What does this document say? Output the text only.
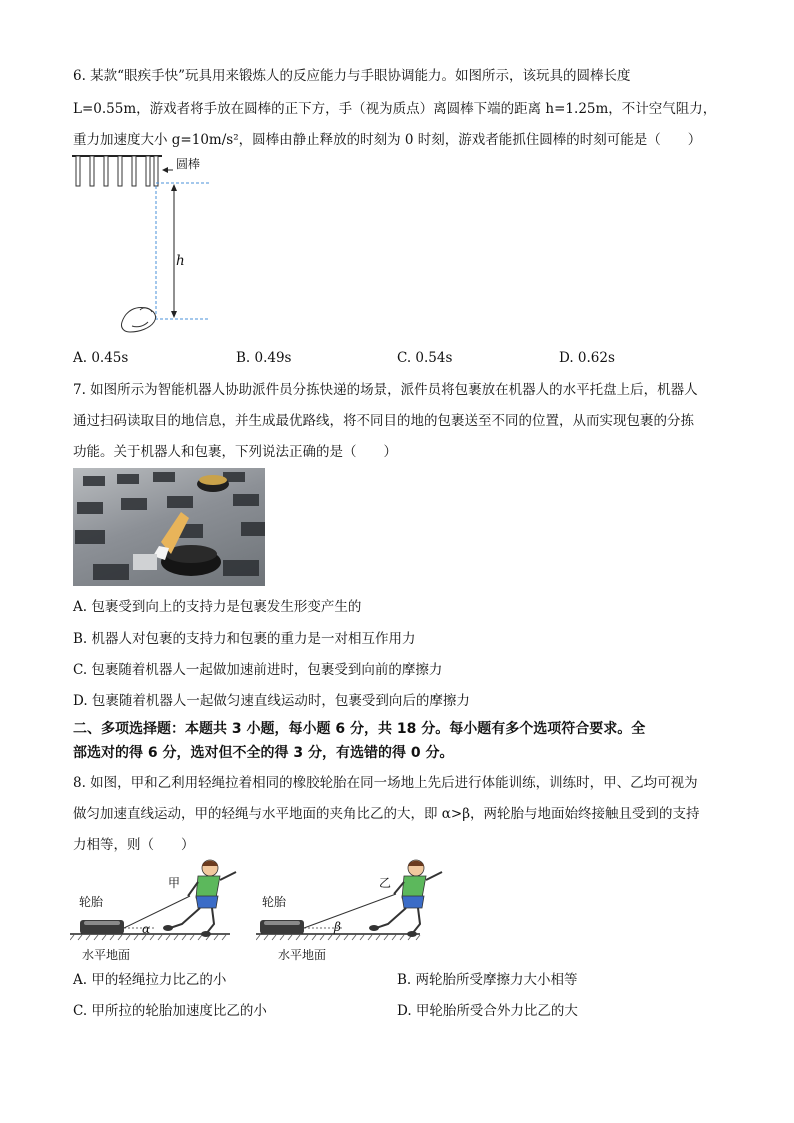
6. 某款“眼疾手快”玩具用来锻炼人的反应能力与手眼协调能力。如图所示，该玩具的圆棒长度
L=0.55m，游戏者将手放在圆棒的正下方，手（视为质点）离圆棒下端的距离 h=1.25m，不计空气阻力，
重力加速度大小 g=10m/s²，圆棒由静止释放的时刻为 0 时刻，游戏者能抓住圆棒的时刻可能是（　　）
圆棒
h
A. 0.45s	B. 0.49s	C. 0.54s	D. 0.62s
7. 如图所示为智能机器人协助派件员分拣快递的场景，派件员将包裹放在机器人的水平托盘上后，机器人
通过扫码读取目的地信息，并生成最优路线，将不同目的地的包裹送至不同的位置，从而实现包裹的分拣
功能。关于机器人和包裹，下列说法正确的是（　　）
A. 包裹受到向上的支持力是包裹发生形变产生的
B. 机器人对包裹的支持力和包裹的重力是一对相互作用力
C. 包裹随着机器人一起做加速前进时，包裹受到向前的摩擦力
D. 包裹随着机器人一起做匀速直线运动时，包裹受到向后的摩擦力
二、多项选择题：本题共 3 小题，每小题 6 分，共 18 分。每小题有多个选项符合要求。全
部选对的得 6 分，选对但不全的得 3 分，有选错的得 0 分。
8. 如图，甲和乙利用轻绳拉着相同的橡胶轮胎在同一场地上先后进行体能训练，训练时，甲、乙均可视为
做匀加速直线运动，甲的轻绳与水平地面的夹角比乙的大，即 α>β，两轮胎与地面始终接触且受到的支持
力相等，则（　　）
轮胎
甲
α
水平地面
轮胎
乙
β
水平地面
A. 甲的轻绳拉力比乙的小	B. 两轮胎所受摩擦力大小相等
C. 甲所拉的轮胎加速度比乙的小	D. 甲轮胎所受合外力比乙的大
